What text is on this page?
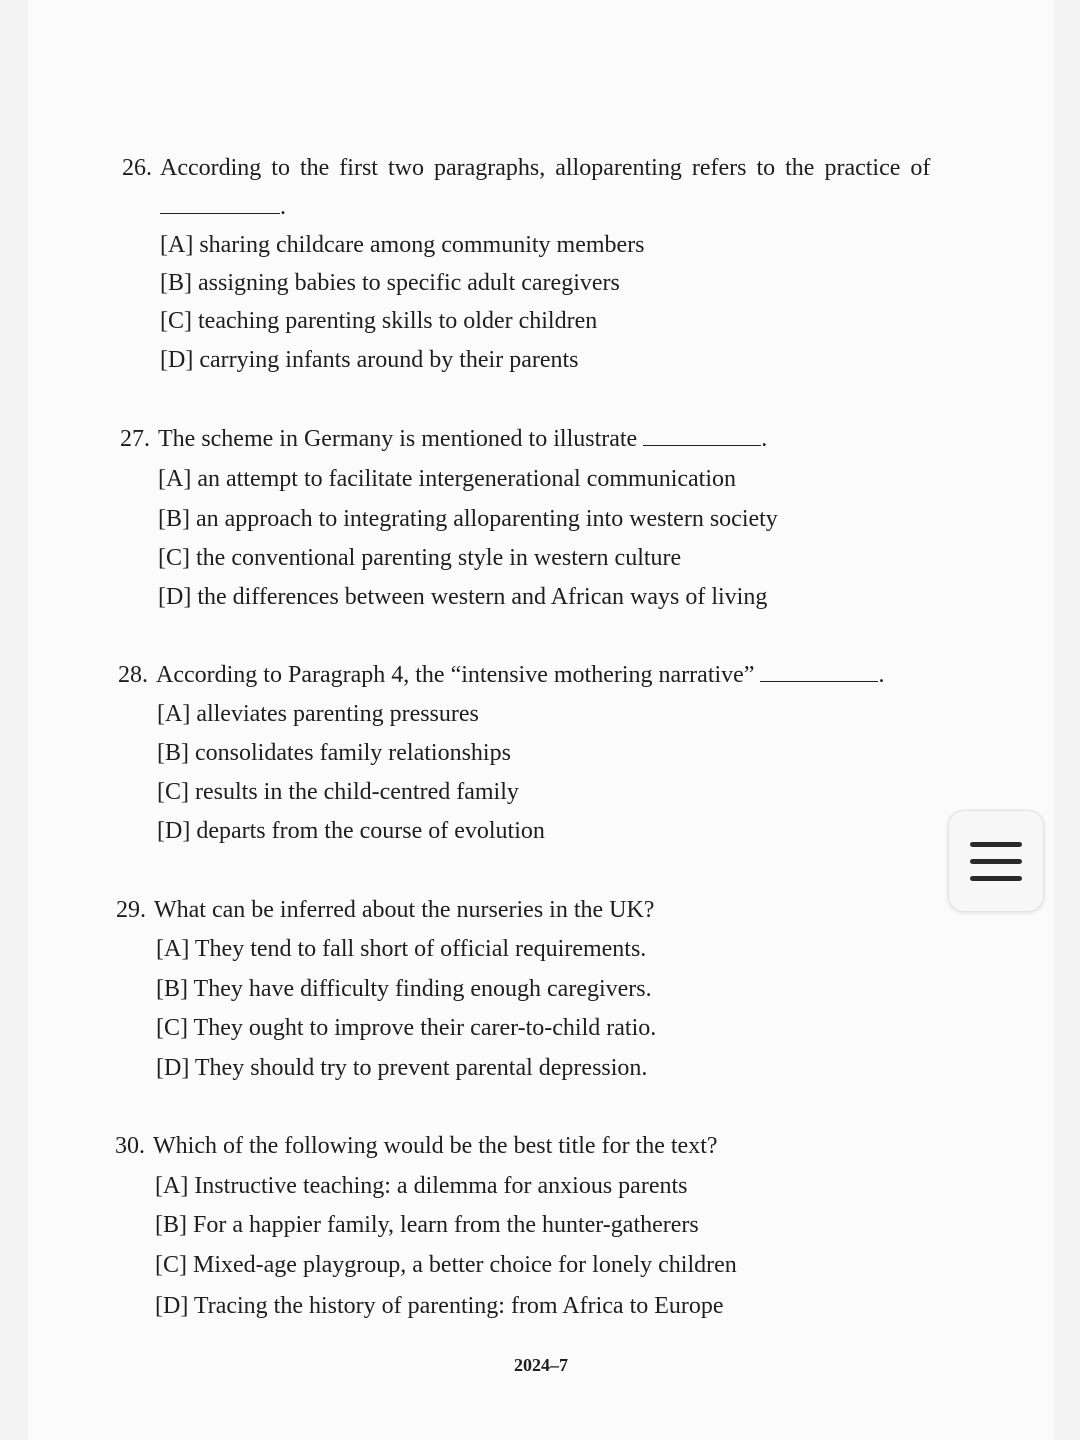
26. According to the first two paragraphs, alloparenting refers to the practice of
.
[A] sharing childcare among community members
[B] assigning babies to specific adult caregivers
[C] teaching parenting skills to older children
[D] carrying infants around by their parents
27. The scheme in Germany is mentioned to illustrate	.
[A] an attempt to facilitate intergenerational communication
[B] an approach to integrating alloparenting into western society
[C] the conventional parenting style in western culture
[D] the differences between western and African ways of living
28. According to Paragraph 4, the “intensive mothering narrative”	.
[A] alleviates parenting pressures
[B] consolidates family relationships
[C] results in the child-centred family
[D] departs from the course of evolution
29. What can be inferred about the nurseries in the UK?
[A] They tend to fall short of official requirements.
[B] They have difficulty finding enough caregivers.
[C] They ought to improve their carer-to-child ratio.
[D] They should try to prevent parental depression.
30. Which of the following would be the best title for the text?
[A] Instructive teaching: a dilemma for anxious parents
[B] For a happier family, learn from the hunter-gatherers
[C] Mixed-age playgroup, a better choice for lonely children
[D] Tracing the history of parenting: from Africa to Europe
2024–7
